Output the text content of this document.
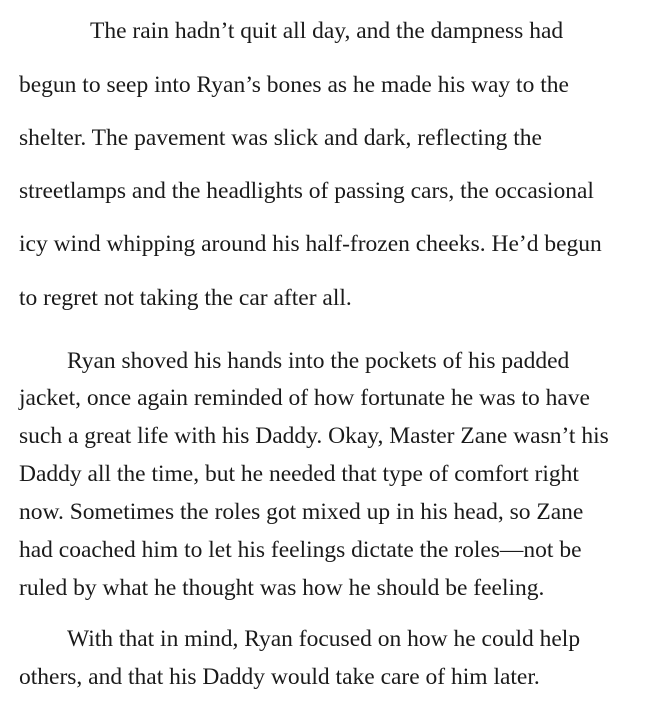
The rain hadn’t quit all day, and the dampness had
begun to seep into Ryan’s bones as he made his way to the
shelter. The pavement was slick and dark, reflecting the
streetlamps and the headlights of passing cars, the occasional
icy wind whipping around his half-frozen cheeks. He’d begun
to regret not taking the car after all.
Ryan shoved his hands into the pockets of his padded
jacket, once again reminded of how fortunate he was to have
such a great life with his Daddy. Okay, Master Zane wasn’t his
Daddy all the time, but he needed that type of comfort right
now. Sometimes the roles got mixed up in his head, so Zane
had coached him to let his feelings dictate the roles—not be
ruled by what he thought was how he should be feeling.
With that in mind, Ryan focused on how he could help
others, and that his Daddy would take care of him later.
